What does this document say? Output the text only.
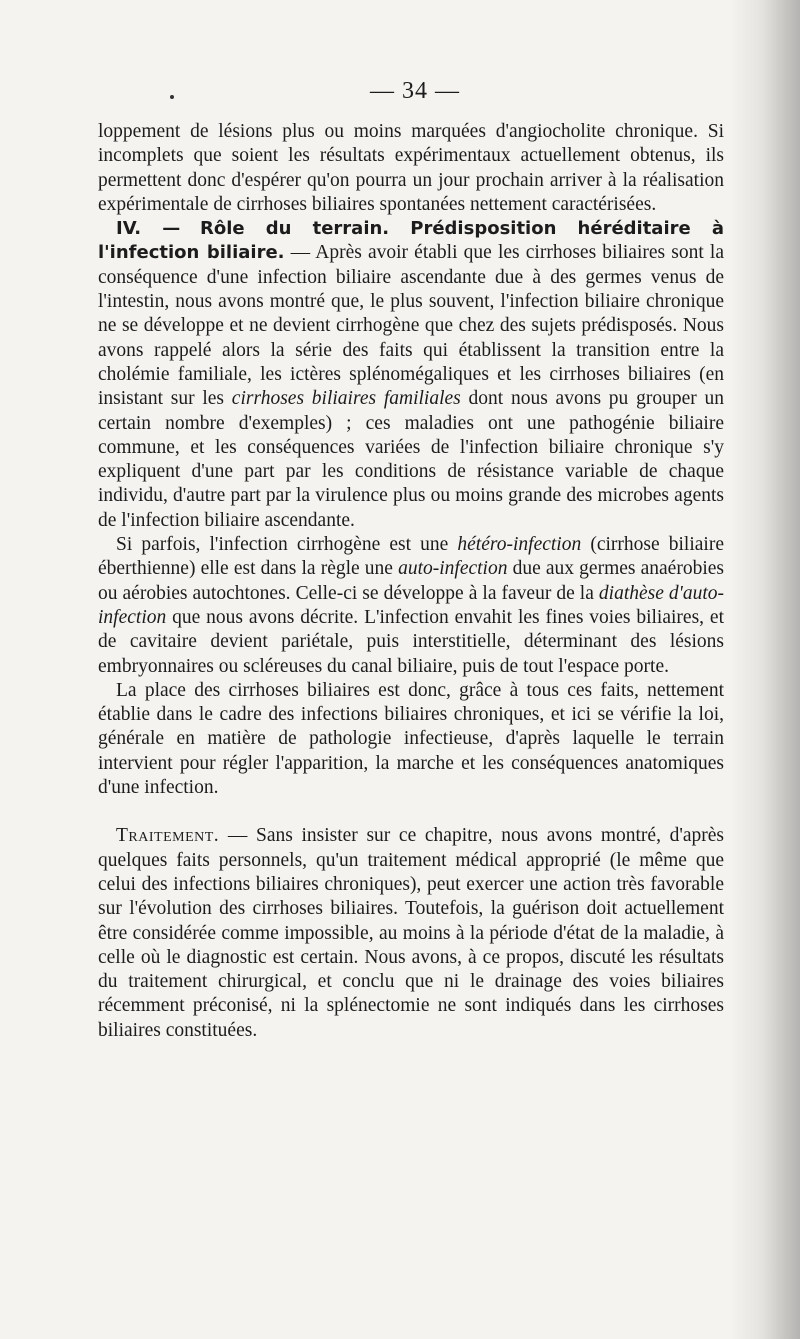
— 34 —

loppement de lésions plus ou moins marquées d'angiocholite chronique. Si incomplets que soient les résultats expérimentaux actuellement obtenus, ils permettent donc d'espérer qu'on pourra un jour prochain arriver à la réalisation expérimentale de cirrhoses biliaires spontanées nettement caractérisées.

IV. — Rôle du terrain. Prédisposition héréditaire à l'infection biliaire. — Après avoir établi que les cirrhoses biliaires sont la conséquence d'une infection biliaire ascendante due à des germes venus de l'intestin, nous avons montré que, le plus souvent, l'infection biliaire chronique ne se développe et ne devient cirrhogène que chez des sujets prédisposés. Nous avons rappelé alors la série des faits qui établissent la transition entre la cholémie familiale, les ictères splénomégaliques et les cirrhoses biliaires (en insistant sur les cirrhoses biliaires familiales dont nous avons pu grouper un certain nombre d'exemples) ; ces maladies ont une pathogénie biliaire commune, et les conséquences variées de l'infection biliaire chronique s'y expliquent d'une part par les conditions de résistance variable de chaque individu, d'autre part par la virulence plus ou moins grande des microbes agents de l'infection biliaire ascendante.

Si parfois, l'infection cirrhogène est une hétéro-infection (cirrhose biliaire éberthienne) elle est dans la règle une auto-infection due aux germes anaérobies ou aérobies autochtones. Celle-ci se développe à la faveur de la diathèse d'auto-infection que nous avons décrite. L'infection envahit les fines voies biliaires, et de cavitaire devient pariétale, puis interstitielle, déterminant des lésions embryonnaires ou scléreuses du canal biliaire, puis de tout l'espace porte.

La place des cirrhoses biliaires est donc, grâce à tous ces faits, nettement établie dans le cadre des infections biliaires chroniques, et ici se vérifie la loi, générale en matière de pathologie infectieuse, d'après laquelle le terrain intervient pour régler l'apparition, la marche et les conséquences anatomiques d'une infection.

Traitement. — Sans insister sur ce chapitre, nous avons montré, d'après quelques faits personnels, qu'un traitement médical approprié (le même que celui des infections biliaires chroniques), peut exercer une action très favorable sur l'évolution des cirrhoses biliaires. Toutefois, la guérison doit actuellement être considérée comme impossible, au moins à la période d'état de la maladie, à celle où le diagnostic est certain. Nous avons, à ce propos, discuté les résultats du traitement chirurgical, et conclu que ni le drainage des voies biliaires récemment préconisé, ni la splénectomie ne sont indiqués dans les cirrhoses biliaires constituées.
